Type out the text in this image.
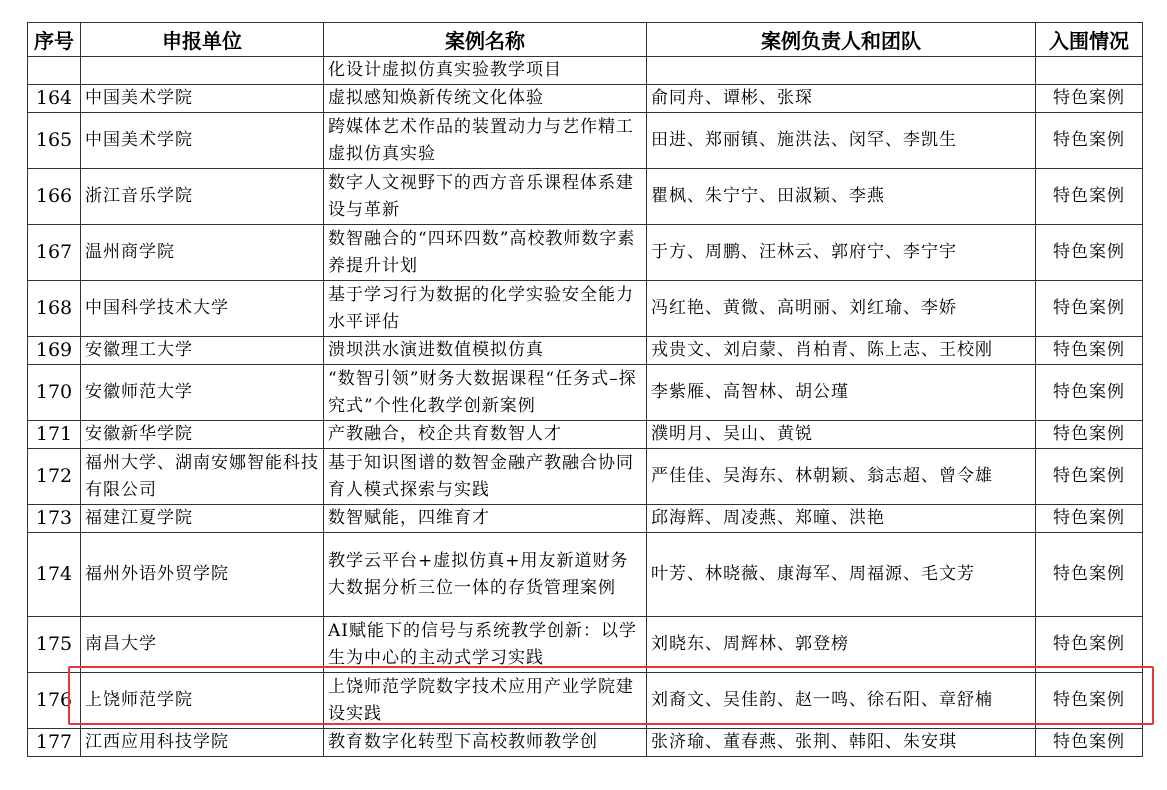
序号	申报单位	案例名称	案例负责人和团队	入围情况
		化设计虚拟仿真实验教学项目		
164	中国美术学院	虚拟感知焕新传统文化体验	俞同舟、谭彬、张琛	特色案例
165	中国美术学院	跨媒体艺术作品的装置动力与艺作精工虚拟仿真实验	田进、郑丽镇、施洪法、闵罕、李凯生	特色案例
166	浙江音乐学院	数字人文视野下的西方音乐课程体系建设与革新	瞿枫、朱宁宁、田淑颖、李燕	特色案例
167	温州商学院	数智融合的“四环四数”高校教师数字素养提升计划	于方、周鹏、汪林云、郭府宁、李宁宇	特色案例
168	中国科学技术大学	基于学习行为数据的化学实验安全能力水平评估	冯红艳、黄微、高明丽、刘红瑜、李娇	特色案例
169	安徽理工大学	溃坝洪水演进数值模拟仿真	戎贵文、刘启蒙、肖柏青、陈上志、王校刚	特色案例
170	安徽师范大学	“数智引领”财务大数据课程“任务式–探究式”个性化教学创新案例	李紫雁、高智林、胡公瑾	特色案例
171	安徽新华学院	产教融合，校企共育数智人才	濮明月、吴山、黄锐	特色案例
172	福州大学、湖南安娜智能科技有限公司	基于知识图谱的数智金融产教融合协同育人模式探索与实践	严佳佳、吴海东、林朝颖、翁志超、曾令雄	特色案例
173	福建江夏学院	数智赋能，四维育才	邱海辉、周凌燕、郑曈、洪艳	特色案例
174	福州外语外贸学院	教学云平台+虚拟仿真+用友新道财务大数据分析三位一体的存货管理案例	叶芳、林晓薇、康海军、周福源、毛文芳	特色案例
175	南昌大学	AI赋能下的信号与系统教学创新：以学生为中心的主动式学习实践	刘晓东、周辉林、郭登榜	特色案例
176	上饶师范学院	上饶师范学院数字技术应用产业学院建设实践	刘裔文、吴佳韵、赵一鸣、徐石阳、章舒楠	特色案例
177	江西应用科技学院	教育数字化转型下高校教师教学创	张济瑜、董春燕、张荆、韩阳、朱安琪	特色案例
